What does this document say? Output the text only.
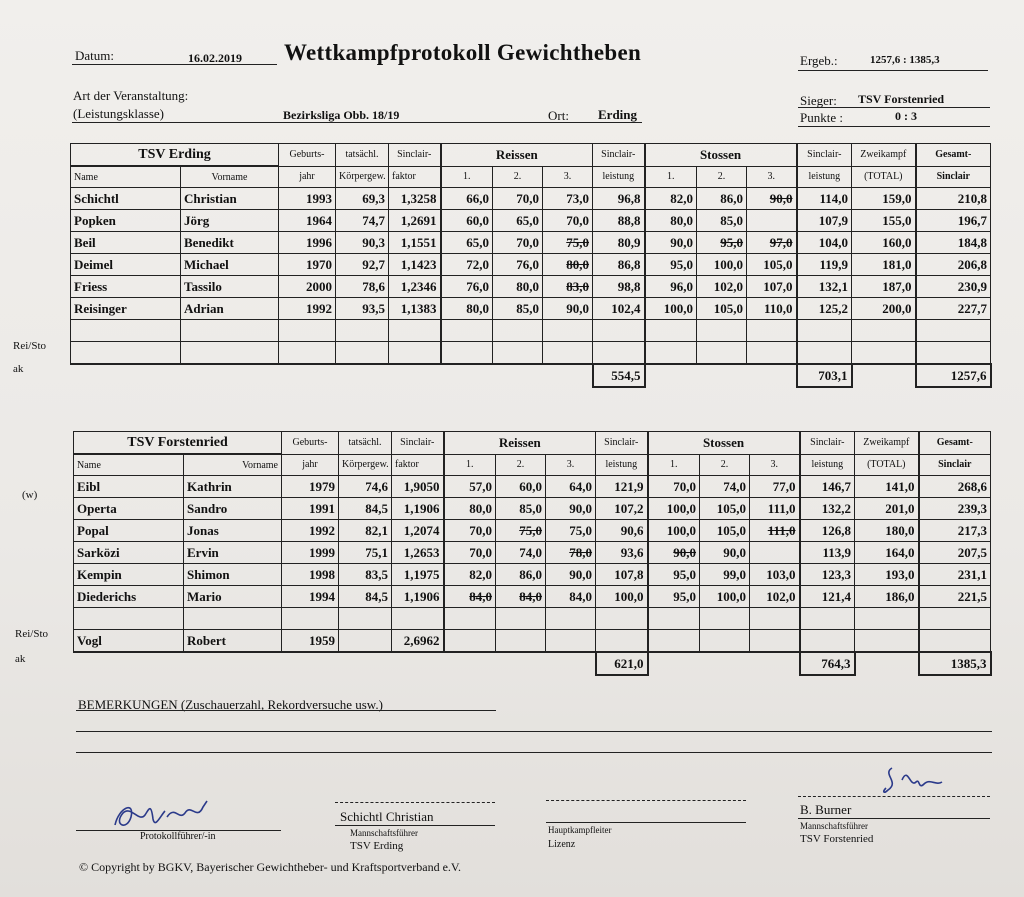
Datum:	16.02.2019 Wettkampfprotokoll Gewichtheben	Ergeb.:	1257,6 : 1385,3
Art der Veranstaltung:
(Leistungsklasse)	Bezirksliga Obb. 18/19	Ort: Erding
Sieger: TSV Forstenried
Punkte :	0 : 3
Rei/Sto
ak
(w)
Rei/Sto
ak
TSV Erding		Geburts-	tatsächl.	Sinclair-	Reissen			Sinclair-	Stossen			Sinclair-	Zweikampf	Gesamt-
Name	Vorname	jahr	Körpergew.	faktor	1.	2.	3.	leistung	1.	2.	3.	leistung	(TOTAL)	Sinclair
Schichtl	Christian	1993	69,3	1,3258	66,0	70,0	73,0	96,8	82,0	86,0	90,0	114,0	159,0	210,8
Popken	Jörg	1964	74,7	1,2691	60,0	65,0	70,0	88,8	80,0	85,0		107,9	155,0	196,7
Beil	Benedikt	1996	90,3	1,1551	65,0	70,0	75,0	80,9	90,0	95,0	97,0	104,0	160,0	184,8
Deimel	Michael	1970	92,7	1,1423	72,0	76,0	80,0	86,8	95,0	100,0	105,0	119,9	181,0	206,8
Friess	Tassilo	2000	78,6	1,2346	76,0	80,0	83,0	98,8	96,0	102,0	107,0	132,1	187,0	230,9
Reisinger	Adrian	1992	93,5	1,1383	80,0	85,0	90,0	102,4	100,0	105,0	110,0	125,2	200,0	227,7

								554,5				703,1		1257,6
TSV Forstenried		Geburts-	tatsächl.	Sinclair-	Reissen			Sinclair-	Stossen			Sinclair-	Zweikampf	Gesamt-
Name	Vorname	jahr	Körpergew.	faktor	1.	2.	3.	leistung	1.	2.	3.	leistung	(TOTAL)	Sinclair
Eibl	Kathrin	1979	74,6	1,9050	57,0	60,0	64,0	121,9	70,0	74,0	77,0	146,7	141,0	268,6
Operta	Sandro	1991	84,5	1,1906	80,0	85,0	90,0	107,2	100,0	105,0	111,0	132,2	201,0	239,3
Popal	Jonas	1992	82,1	1,2074	70,0	75,0	75,0	90,6	100,0	105,0	111,0	126,8	180,0	217,3
Sarközi	Ervin	1999	75,1	1,2653	70,0	74,0	78,0	93,6	90,0	90,0		113,9	164,0	207,5
Kempin	Shimon	1998	83,5	1,1975	82,0	86,0	90,0	107,8	95,0	99,0	103,0	123,3	193,0	231,1
Diederichs	Mario	1994	84,5	1,1906	84,0	84,0	84,0	100,0	95,0	100,0	102,0	121,4	186,0	221,5

Vogl	Robert	1959		2,6962										
								621,0				764,3		1385,3
BEMERKUNGEN (Zuschauerzahl, Rekordversuche usw.)
Protokollführer/-in
Schichtl Christian
Mannschaftsführer
TSV Erding
Hauptkampfleiter
Lizenz
B. Burner
Mannschaftsführer
TSV Forstenried
© Copyright by BGKV, Bayerischer Gewichtheber- und Kraftsportverband e.V.
